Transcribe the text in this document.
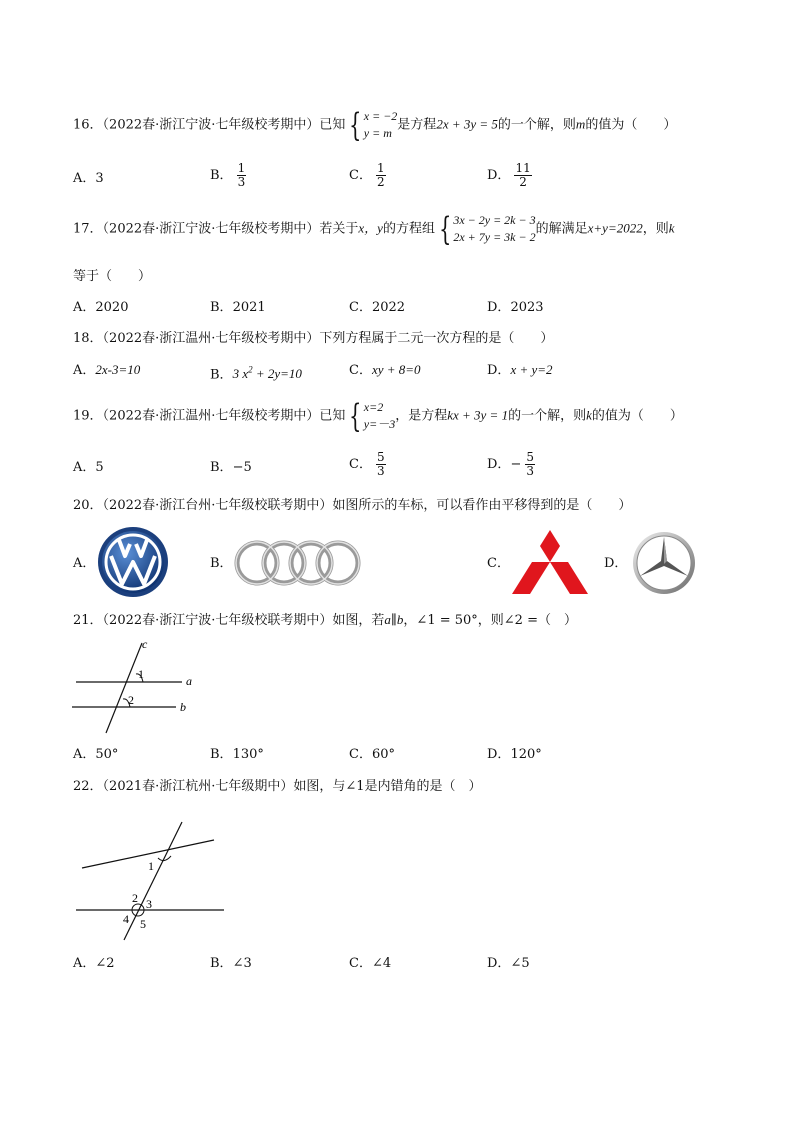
16．（2022春·浙江宁波·七年级校考期中）已知 { x = −2
y = m
是方程2x + 3y = 5的一个解，则m的值为（　　）
A．3	B． $\frac{1}{3}$	C． $\frac{1}{2}$	D． $\frac{11}{2}$
17．（2022春·浙江宁波·七年级校考期中）若关于x，y的方程组 { 3x − 2y = 2k − 3
2x + 7y = 3k − 2
的解满足x+y=2022，则k
等于（　　）
A．2020	B．2021	C．2022	D．2023
18．（2022春·浙江温州·七年级校考期中）下列方程属于二元一次方程的是（　　）
A．2x-3=10	B．3 $x^2 + 2y=10$	C．xy + 8=0	D．x + y=2
19．（2022春·浙江温州·七年级校考期中）已知 { x=2
y=－3
，是方程kx + 3y = 1的一个解，则k的值为（　　）
A．5	B．−5	C． $\frac{5}{3}$	D．− $\frac{5}{3}$
20．（2022春·浙江台州·七年级校联考期中）如图所示的车标，可以看作由平移得到的是（　　）
A．	B．	C．	D．
21．（2022春·浙江宁波·七年级校联考期中）如图，若a∥b，∠1 = 50°，则∠2 =（　）
c
1	a
2	b
A．50°	B．130°	C．60°	D．120°
22．（2021春·浙江杭州·七年级期中）如图，与∠1是内错角的是（　）
1
2 3
4 5
A．∠2	B．∠3	C．∠4	D．∠5
